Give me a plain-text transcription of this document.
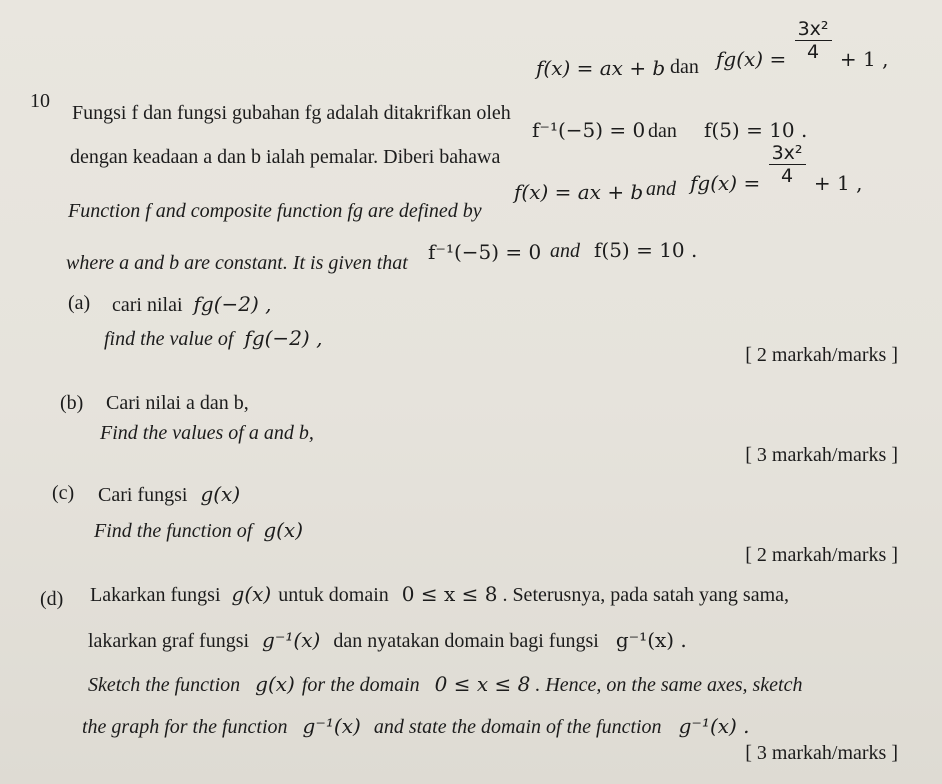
10
Fungsi f dan fungsi gubahan fg adalah ditakrifkan oleh
f(x) = ax + b dan $fg(x) = \frac{\text{3x²}}{4} + 1$ ,
dengan keadaan a dan b ialah pemalar. Diberi bahawa
f⁻¹(−5) = 0 dan f(5) = 10 .
Function f and composite function fg are defined by
f(x) = ax + b and $fg(x) = \frac{\text{3x²}}{4} + 1$ ,
where a and b are constant. It is given that f⁻¹(−5) = 0 and f(5) = 10 .
(a) cari nilai fg(−2) ,
find the value of fg(−2) ,
[ 2 markah/marks ]
(b) Cari nilai a dan b,
Find the values of a and b,
[ 3 markah/marks ]
(c) Cari fungsi g(x)
Find the function of g(x)
[ 2 markah/marks ]
(d) Lakarkan fungsi g(x) untuk domain 0 ≤ x ≤ 8 . Seterusnya, pada satah yang sama,
lakarkan graf fungsi g⁻¹(x) dan nyatakan domain bagi fungsi g⁻¹(x) .
Sketch the function g(x) for the domain 0 ≤ x ≤ 8 . Hence, on the same axes, sketch
the graph for the function g⁻¹(x) and state the domain of the function g⁻¹(x) .
[ 3 markah/marks ]
